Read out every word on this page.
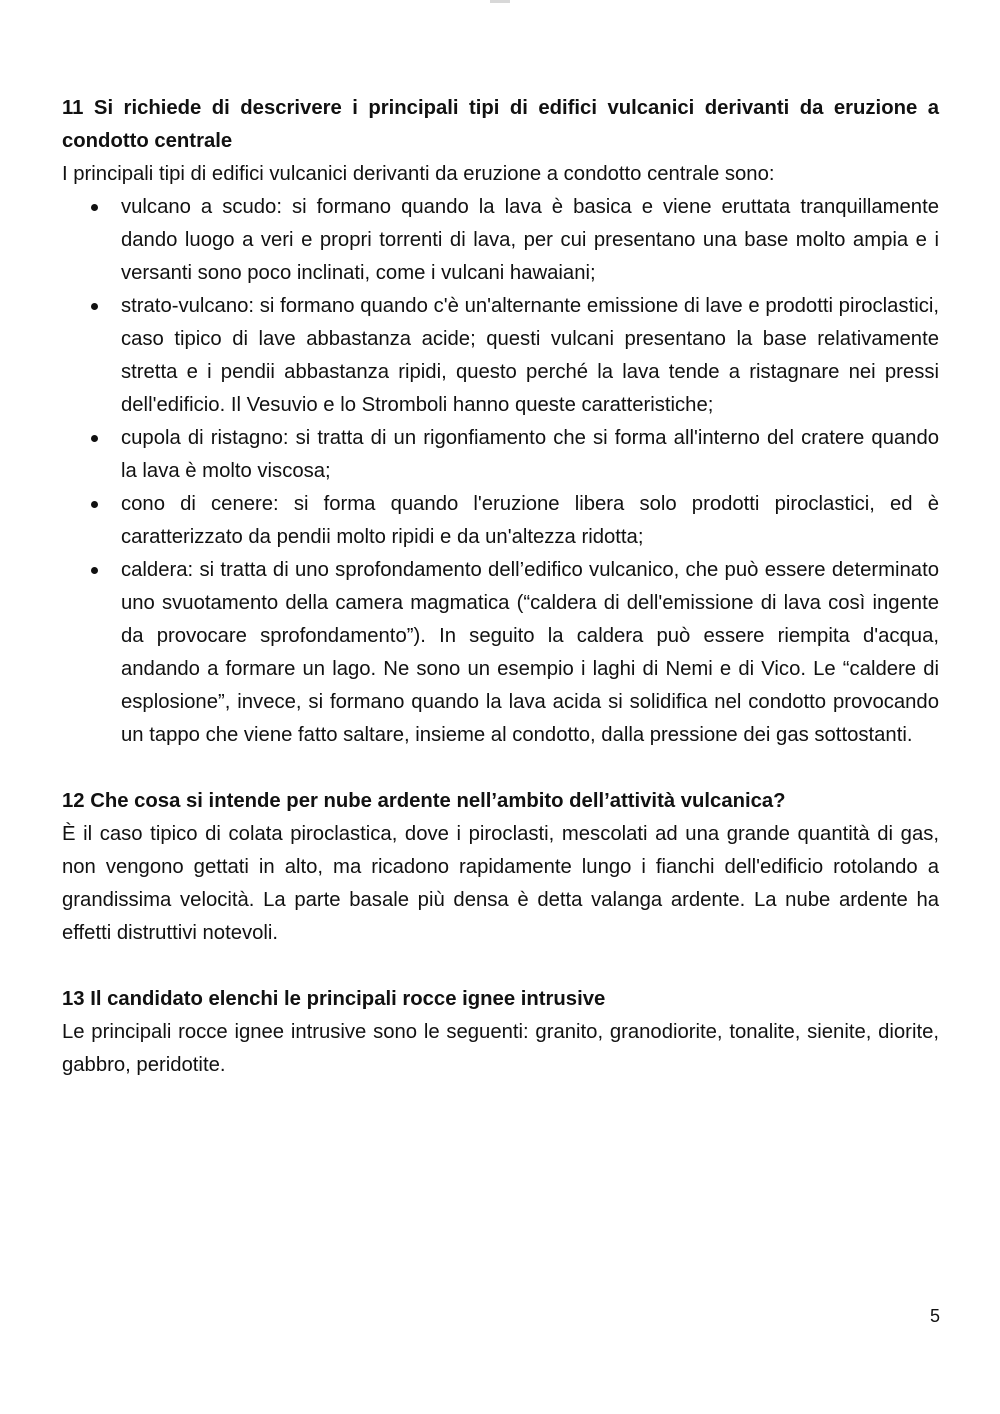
11 Si richiede di descrivere i principali tipi di edifici vulcanici derivanti da eruzione a condotto centrale

I principali tipi di edifici vulcanici derivanti da eruzione a condotto centrale sono:

vulcano a scudo: si formano quando la lava è basica e viene eruttata tranquillamente dando luogo a veri e propri torrenti di lava, per cui presentano una base molto ampia e i versanti sono poco inclinati, come i vulcani hawaiani;
strato-vulcano: si formano quando c'è un'alternante emissione di lave e prodotti piroclastici, caso tipico di lave abbastanza acide; questi vulcani presentano la base relativamente stretta e i pendii abbastanza ripidi, questo perché la lava tende a ristagnare nei pressi dell'edificio. Il Vesuvio e lo Stromboli hanno queste caratteristiche;
cupola di ristagno: si tratta di un rigonfiamento che si forma all'interno del cratere quando la lava è molto viscosa;
cono di cenere: si forma quando l'eruzione libera solo prodotti piroclastici, ed è caratterizzato da pendii molto ripidi e da un'altezza ridotta;
caldera: si tratta di uno sprofondamento dell’edifico vulcanico, che può essere determinato uno svuotamento della camera magmatica (“caldera di dell'emissione di lava così ingente da provocare sprofondamento”). In seguito la caldera può essere riempita d'acqua, andando a formare un lago. Ne sono un esempio i laghi di Nemi e di Vico. Le “caldere di esplosione”, invece, si formano quando la lava acida si solidifica nel condotto provocando un tappo che viene fatto saltare, insieme al condotto, dalla pressione dei gas sottostanti.

12 Che cosa si intende per nube ardente nell’ambito dell’attività vulcanica?

È il caso tipico di colata piroclastica, dove i piroclasti, mescolati ad una grande quantità di gas, non vengono gettati in alto, ma ricadono rapidamente lungo i fianchi dell'edificio rotolando a grandissima velocità. La parte basale più densa è detta valanga ardente. La nube ardente ha effetti distruttivi notevoli.

13 Il candidato elenchi le principali rocce ignee intrusive

Le principali rocce ignee intrusive sono le seguenti: granito, granodiorite, tonalite, sienite, diorite, gabbro, peridotite.

5
